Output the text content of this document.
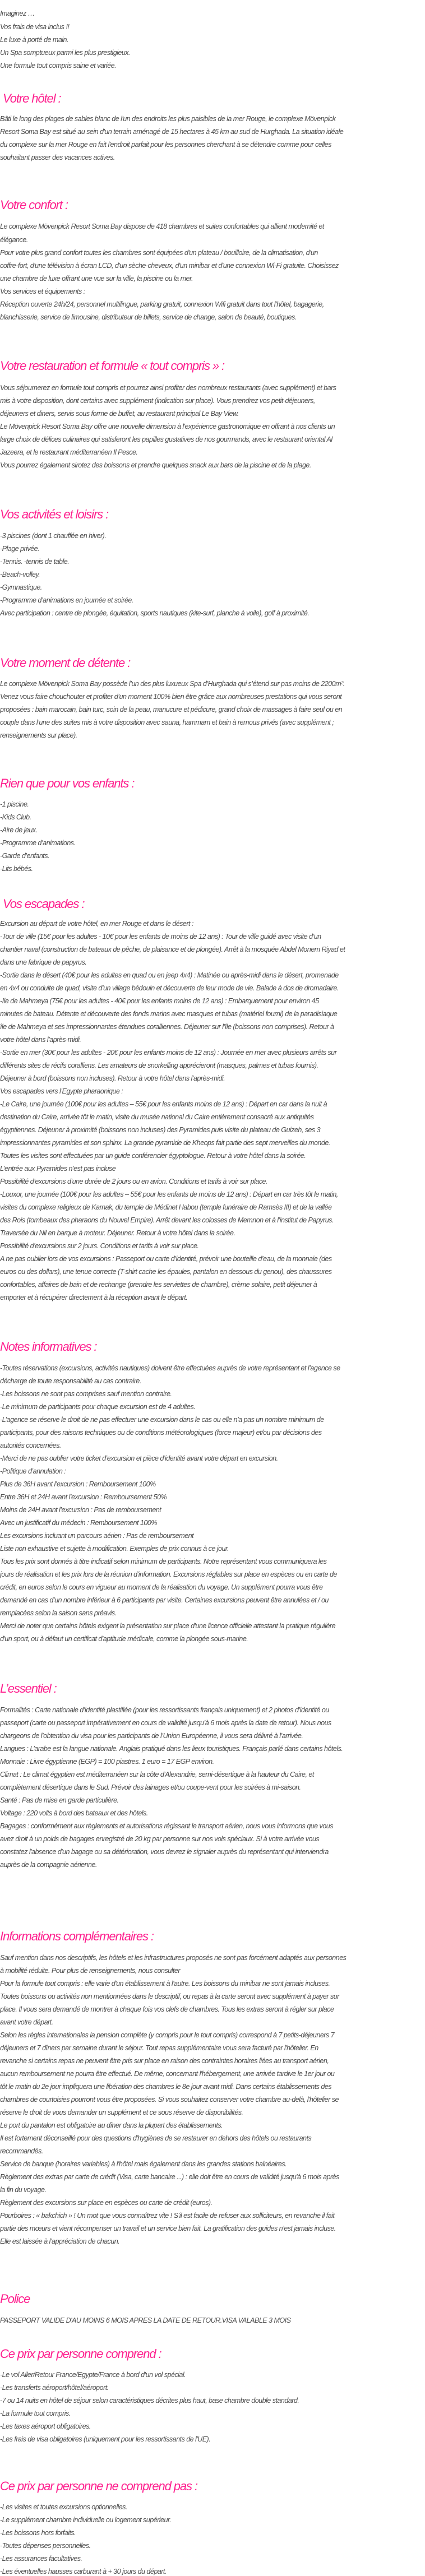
Imaginez …
Vos frais de visa inclus !!
Le luxe à porté de main.
Un Spa somptueux parmi les plus prestigieux.
Une formule tout compris saine et variée.
Votre hôtel :
Bâti le long des plages de sables blanc de l'un des endroits les plus paisibles de la mer Rouge, le complexe Mövenpick
Resort Soma Bay est situé au sein d'un terrain aménagé de 15 hectares à 45 km au sud de Hurghada. La situation idéale
du complexe sur la mer Rouge en fait l'endroit parfait pour les personnes cherchant à se détendre comme pour celles
souhaitant passer des vacances actives.
Votre confort :
Le complexe Mövenpick Resort Soma Bay dispose de 418 chambres et suites confortables qui allient modernité et
élégance.
Pour votre plus grand confort toutes les chambres sont équipées d'un plateau / bouilloire, de la climatisation, d'un
coffre-fort, d'une télévision à écran LCD, d'un sèche-cheveux, d'un minibar et d'une connexion Wi-Fi gratuite. Choisissez
une chambre de luxe offrant une vue sur la ville, la piscine ou la mer.
Vos services et équipements :
Réception ouverte 24h/24, personnel multilingue, parking gratuit, connexion Wifi gratuit dans tout l’hôtel, bagagerie,
blanchisserie, service de limousine, distributeur de billets, service de change, salon de beauté, boutiques.
Votre restauration et formule « tout compris » :
Vous séjournerez en formule tout compris et pourrez ainsi profiter des nombreux restaurants (avec supplément) et bars
mis à votre disposition, dont certains avec supplément (indication sur place). Vous prendrez vos petit-déjeuners,
déjeuners et diners, servis sous forme de buffet, au restaurant principal Le Bay View.
Le Mövenpick Resort Soma Bay offre une nouvelle dimension à l'expérience gastronomique en offrant à nos clients un
large choix de délices culinaires qui satisferont les papilles gustatives de nos gourmands, avec le restaurant oriental Al
Jazeera, et le restaurant méditerranéen Il Pesce.
Vous pourrez également sirotez des boissons et prendre quelques snack aux bars de la piscine et de la plage.
Vos activités et loisirs :
-3 piscines (dont 1 chauffée en hiver).
-Plage privée.
-Tennis. -tennis de table.
-Beach-volley.
-Gymnastique.
-Programme d’animations en journée et soirée.
Avec participation : centre de plongée, équitation, sports nautiques (kite-surf, planche à voile), golf à proximité.
Votre moment de détente :
Le complexe Mövenpick Soma Bay possède l’un des plus luxueux Spa d’Hurghada qui s’étend sur pas moins de 2200m².
Venez vous faire chouchouter et profiter d’un moment 100% bien être grâce aux nombreuses prestations qui vous seront
proposées : bain marocain, bain turc, soin de la peau, manucure et pédicure, grand choix de massages à faire seul ou en
couple dans l’une des suites mis à votre disposition avec sauna, hammam et bain à remous privés (avec supplément ;
renseignements sur place).
Rien que pour vos enfants :
-1 piscine.
-Kids Club.
-Aire de jeux.
-Programme d’animations.
-Garde d’enfants.
-Lits bébés.
Vos escapades :
Excursion au départ de votre hôtel, en mer Rouge et dans le désert :
-Tour de ville (15€ pour les adultes - 10€ pour les enfants de moins de 12 ans) : Tour de ville guidé avec visite d’un
chantier naval (construction de bateaux de pêche, de plaisance et de plongée). Arrêt à la mosquée Abdel Monem Riyad et
dans une fabrique de papyrus.
-Sortie dans le désert (40€ pour les adultes en quad ou en jeep 4x4) : Matinée ou après-midi dans le désert, promenade
en 4x4 ou conduite de quad, visite d’un village bédouin et découverte de leur mode de vie. Balade à dos de dromadaire.
-Ile de Mahmeya (75€ pour les adultes - 40€ pour les enfants moins de 12 ans) : Embarquement pour environ 45
minutes de bateau. Détente et découverte des fonds marins avec masques et tubas (matériel fourni) de la paradisiaque
île de Mahmeya et ses impressionnantes étendues coralliennes. Déjeuner sur l’île (boissons non comprises). Retour à
votre hôtel dans l’après-midi.
-Sortie en mer (30€ pour les adultes - 20€ pour les enfants moins de 12 ans) : Journée en mer avec plusieurs arrêts sur
différents sites de récifs coralliens. Les amateurs de snorkelling apprécieront (masques, palmes et tubas fournis).
Déjeuner à bord (boissons non incluses). Retour à votre hôtel dans l’après-midi.
Vos escapades vers l’Egypte pharaonique :
-Le Caire, une journée (100€ pour les adultes – 55€ pour les enfants moins de 12 ans) : Départ en car dans la nuit à
destination du Caire, arrivée tôt le matin, visite du musée national du Caire entièrement consacré aux antiquités
égyptiennes. Déjeuner à proximité (boissons non incluses) des Pyramides puis visite du plateau de Guizeh, ses 3
impressionnantes pyramides et son sphinx. La grande pyramide de Kheops fait partie des sept merveilles du monde.
Toutes les visites sont effectuées par un guide conférencier égyptologue. Retour à votre hôtel dans la soirée.
L’entrée aux Pyramides n’est pas incluse
Possibilité d’excursions d’une durée de 2 jours ou en avion. Conditions et tarifs à voir sur place.
-Louxor, une journée (100€ pour les adultes – 55€ pour les enfants de moins de 12 ans) : Départ en car très tôt le matin,
visites du complexe religieux de Karnak, du temple de Médinet Habou (temple funéraire de Ramsès III) et de la vallée
des Rois (tombeaux des pharaons du Nouvel Empire). Arrêt devant les colosses de Memnon et à l’institut de Papyrus.
Traversée du Nil en barque à moteur. Déjeuner. Retour à votre hôtel dans la soirée.
Possibilité d’excursions sur 2 jours. Conditions et tarifs à voir sur place.
A ne pas oublier lors de vos excursions : Passeport ou carte d’identité, prévoir une bouteille d’eau, de la monnaie (des
euros ou des dollars), une tenue correcte (T-shirt cache les épaules, pantalon en dessous du genou), des chaussures
confortables, affaires de bain et de rechange (prendre les serviettes de chambre), crème solaire, petit déjeuner à
emporter et à récupérer directement à la réception avant le départ.
Notes informatives :
-Toutes réservations (excursions, activités nautiques) doivent être effectuées auprès de votre représentant et l’agence se
décharge de toute responsabilité au cas contraire.
-Les boissons ne sont pas comprises sauf mention contraire.
-Le minimum de participants pour chaque excursion est de 4 adultes.
-L’agence se réserve le droit de ne pas effectuer une excursion dans le cas ou elle n’a pas un nombre minimum de
participants, pour des raisons techniques ou de conditions météorologiques (force majeur) et/ou par décisions des
autorités concernées.
-Merci de ne pas oublier votre ticket d’excursion et pièce d’identité avant votre départ en excursion.
-Politique d’annulation :
Plus de 36H avant l’excursion : Remboursement 100%
Entre 36H et 24H avant l’excursion : Remboursement 50%
Moins de 24H avant l’excursion : Pas de remboursement
Avec un justificatif du médecin : Remboursement 100%
Les excursions incluant un parcours aérien : Pas de remboursement
Liste non exhaustive et sujette à modification. Exemples de prix connus à ce jour.
Tous les prix sont donnés à titre indicatif selon minimum de participants. Notre représentant vous communiquera les
jours de réalisation et les prix lors de la réunion d’information. Excursions réglables sur place en espèces ou en carte de
crédit, en euros selon le cours en vigueur au moment de la réalisation du voyage. Un supplément pourra vous être
demandé en cas d’un nombre inférieur à 6 participants par visite. Certaines excursions peuvent être annulées et / ou
remplacées selon la saison sans préavis.
Merci de noter que certains hôtels exigent la présentation sur place d'une licence officielle attestant la pratique régulière
d'un sport, ou à défaut un certificat d'aptitude médicale, comme la plongée sous-marine.
L’essentiel :
Formalités : Carte nationale d’identité plastifiée (pour les ressortissants français uniquement) et 2 photos d’identité ou
passeport (carte ou passeport impérativement en cours de validité jusqu’à 6 mois après la date de retour). Nous nous
chargeons de l’obtention du visa pour les participants de l’Union Européenne, il vous sera délivré à l’arrivée.
Langues : L’arabe est la langue nationale. Anglais pratiqué dans les lieux touristiques. Français parlé dans certains hôtels.
Monnaie : Livre égyptienne (EGP) = 100 piastres. 1 euro = 17 EGP environ.
Climat : Le climat égyptien est méditerranéen sur la côte d'Alexandrie, semi-désertique à la hauteur du Caire, et
complètement désertique dans le Sud. Prévoir des lainages et/ou coupe-vent pour les soirées à mi-saison.
Santé : Pas de mise en garde particulière.
Voltage : 220 volts à bord des bateaux et des hôtels.
Bagages : conformément aux règlements et autorisations régissant le transport aérien, nous vous informons que vous
avez droit à un poids de bagages enregistré de 20 kg par personne sur nos vols spéciaux. Si à votre arrivée vous
constatez l'absence d'un bagage ou sa détérioration, vous devrez le signaler auprès du représentant qui interviendra
auprès de la compagnie aérienne.
Informations complémentaires :
Sauf mention dans nos descriptifs, les hôtels et les infrastructures proposés ne sont pas forcément adaptés aux personnes
à mobilité réduite. Pour plus de renseignements, nous consulter
Pour la formule tout compris : elle varie d'un établissement à l'autre. Les boissons du minibar ne sont jamais incluses.
Toutes boissons ou activités non mentionnées dans le descriptif, ou repas à la carte seront avec supplément à payer sur
place. Il vous sera demandé de montrer à chaque fois vos clefs de chambres. Tous les extras seront à régler sur place
avant votre départ.
Selon les règles internationales la pension complète (y compris pour le tout compris) correspond à 7 petits-déjeuners 7
déjeuners et 7 dîners par semaine durant le séjour. Tout repas supplémentaire vous sera facturé par l'hôtelier. En
revanche si certains repas ne peuvent être pris sur place en raison des contraintes horaires liées au transport aérien,
aucun remboursement ne pourra être effectué. De même, concernant l'hébergement, une arrivée tardive le 1er jour ou
tôt le matin du 2e jour impliquera une libération des chambres le 8e jour avant midi. Dans certains établissements des
chambres de courtoisies pourront vous être proposées. Si vous souhaitez conserver votre chambre au-delà, l'hôtelier se
réserve le droit de vous demander un supplément et ce sous réserve de disponibilités.
Le port du pantalon est obligatoire au dîner dans la plupart des établissements.
Il est fortement déconseillé pour des questions d'hygiènes de se restaurer en dehors des hôtels ou restaurants
recommandés.
Service de banque (horaires variables) à l'hôtel mais également dans les grandes stations balnéaires.
Règlement des extras par carte de crédit (Visa, carte bancaire ...) : elle doit être en cours de validité jusqu'à 6 mois après
la fin du voyage.
Règlement des excursions sur place en espèces ou carte de crédit (euros).
Pourboires : « bakchich » ! Un mot que vous connaîtrez vite ! S’il est facile de refuser aux solliciteurs, en revanche il fait
partie des mœurs et vient récompenser un travail et un service bien fait. La gratification des guides n’est jamais incluse.
Elle est laissée à l’appréciation de chacun.
Police
PASSEPORT VALIDE D'AU MOINS 6 MOIS APRES LA DATE DE RETOUR.VISA VALABLE 3 MOIS
Ce prix par personne comprend :
-Le vol Aller/Retour France/Egypte/France à bord d'un vol spécial.
-Les transferts aéroport/hôtel/aéroport.
-7 ou 14 nuits en hôtel de séjour selon caractéristiques décrites plus haut, base chambre double standard.
-La formule tout compris.
-Les taxes aéroport obligatoires.
-Les frais de visa obligatoires (uniquement pour les ressortissants de l'UE).
Ce prix par personne ne comprend pas :
-Les visites et toutes excursions optionnelles.
-Le supplément chambre individuelle ou logement supérieur.
-Les boissons hors forfaits.
-Toutes dépenses personnelles.
-Les assurances facultatives.
-Les éventuelles hausses carburant à + 30 jours du départ.
